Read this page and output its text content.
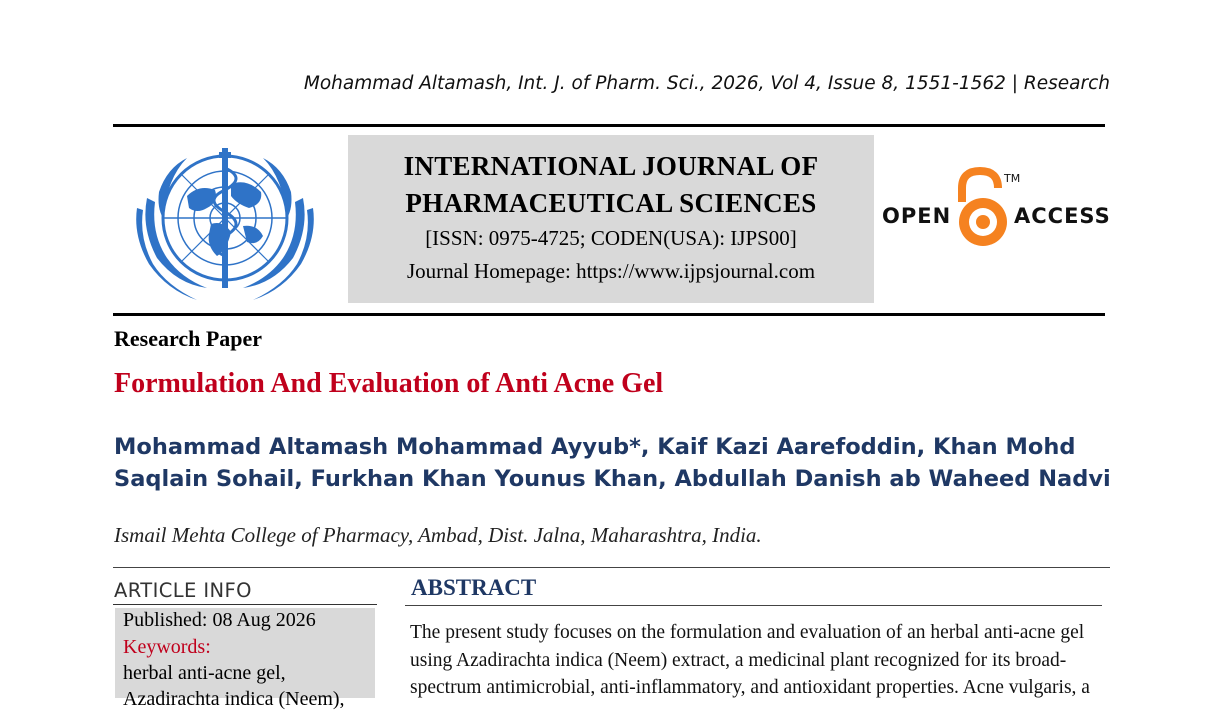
Mohammad Altamash, Int. J. of Pharm. Sci., 2026, Vol 4, Issue 8, 1551-1562 | Research
INTERNATIONAL JOURNAL OF
PHARMACEUTICAL SCIENCES
[ISSN: 0975-4725; CODEN(USA): IJPS00]
Journal Homepage: https://www.ijpsjournal.com
OPEN	ACCESS
TM
Research Paper
Formulation And Evaluation of Anti Acne Gel
Mohammad Altamash Mohammad Ayyub*, Kaif Kazi Aarefoddin, Khan Mohd
Saqlain Sohail, Furkhan Khan Younus Khan, Abdullah Danish ab Waheed Nadvi
Ismail Mehta College of Pharmacy, Ambad, Dist. Jalna, Maharashtra, India.
ARTICLE INFO
Published: 08 Aug 2026
Keywords:
herbal anti-acne gel,
Azadirachta indica (Neem),
ABSTRACT
The present study focuses on the formulation and evaluation of an herbal anti-acne gel
using Azadirachta indica (Neem) extract, a medicinal plant recognized for its broad-
spectrum antimicrobial, anti-inflammatory, and antioxidant properties. Acne vulgaris, a
